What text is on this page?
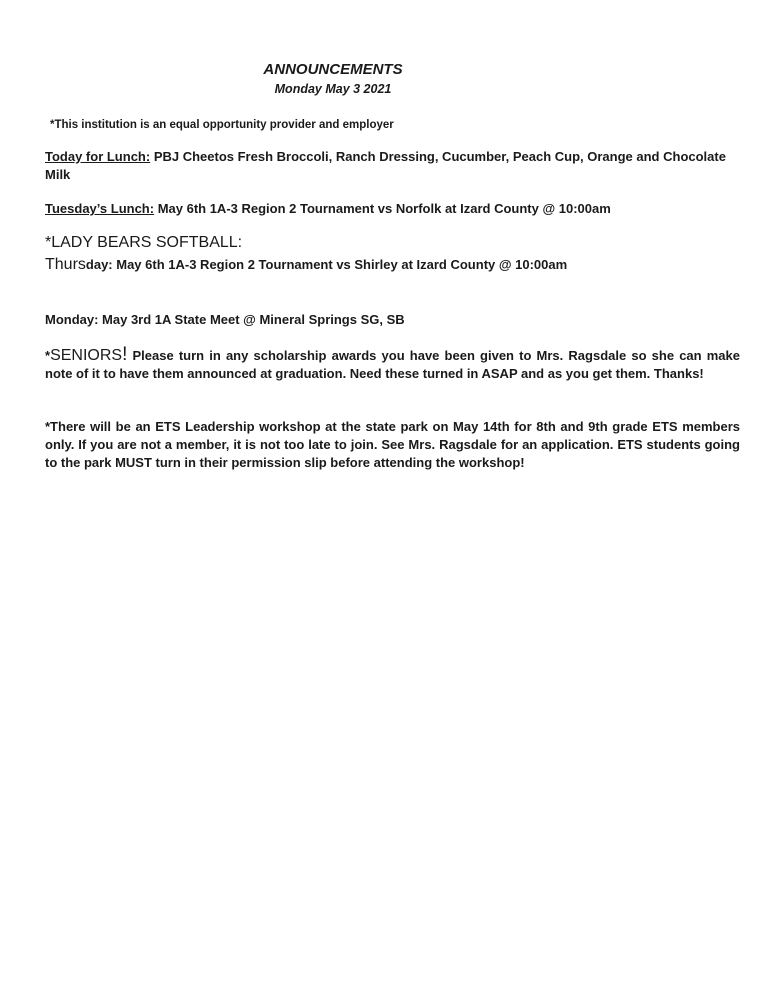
ANNOUNCEMENTS

Monday May 3 2021

*This institution is an equal opportunity provider and employer

Today for Lunch: PBJ Cheetos Fresh Broccoli, Ranch Dressing, Cucumber, Peach Cup, Orange and Chocolate Milk

Tuesday’s Lunch: May 6th 1A-3 Region 2 Tournament vs Norfolk at Izard County @ 10:00am

*LADY BEARS SOFTBALL:

Thursday: May 6th 1A-3 Region 2 Tournament vs Shirley at Izard County @ 10:00am

Monday: May 3rd 1A State Meet @ Mineral Springs SG, SB

*SENIORS! Please turn in any scholarship awards you have been given to Mrs. Ragsdale so she can make note of it to have them announced at graduation. Need these turned in ASAP and as you get them. Thanks!

*There will be an ETS Leadership workshop at the state park on May 14th for 8th and 9th grade ETS members only. If you are not a member, it is not too late to join. See Mrs. Ragsdale for an application. ETS students going to the park MUST turn in their permission slip before attending the workshop!
